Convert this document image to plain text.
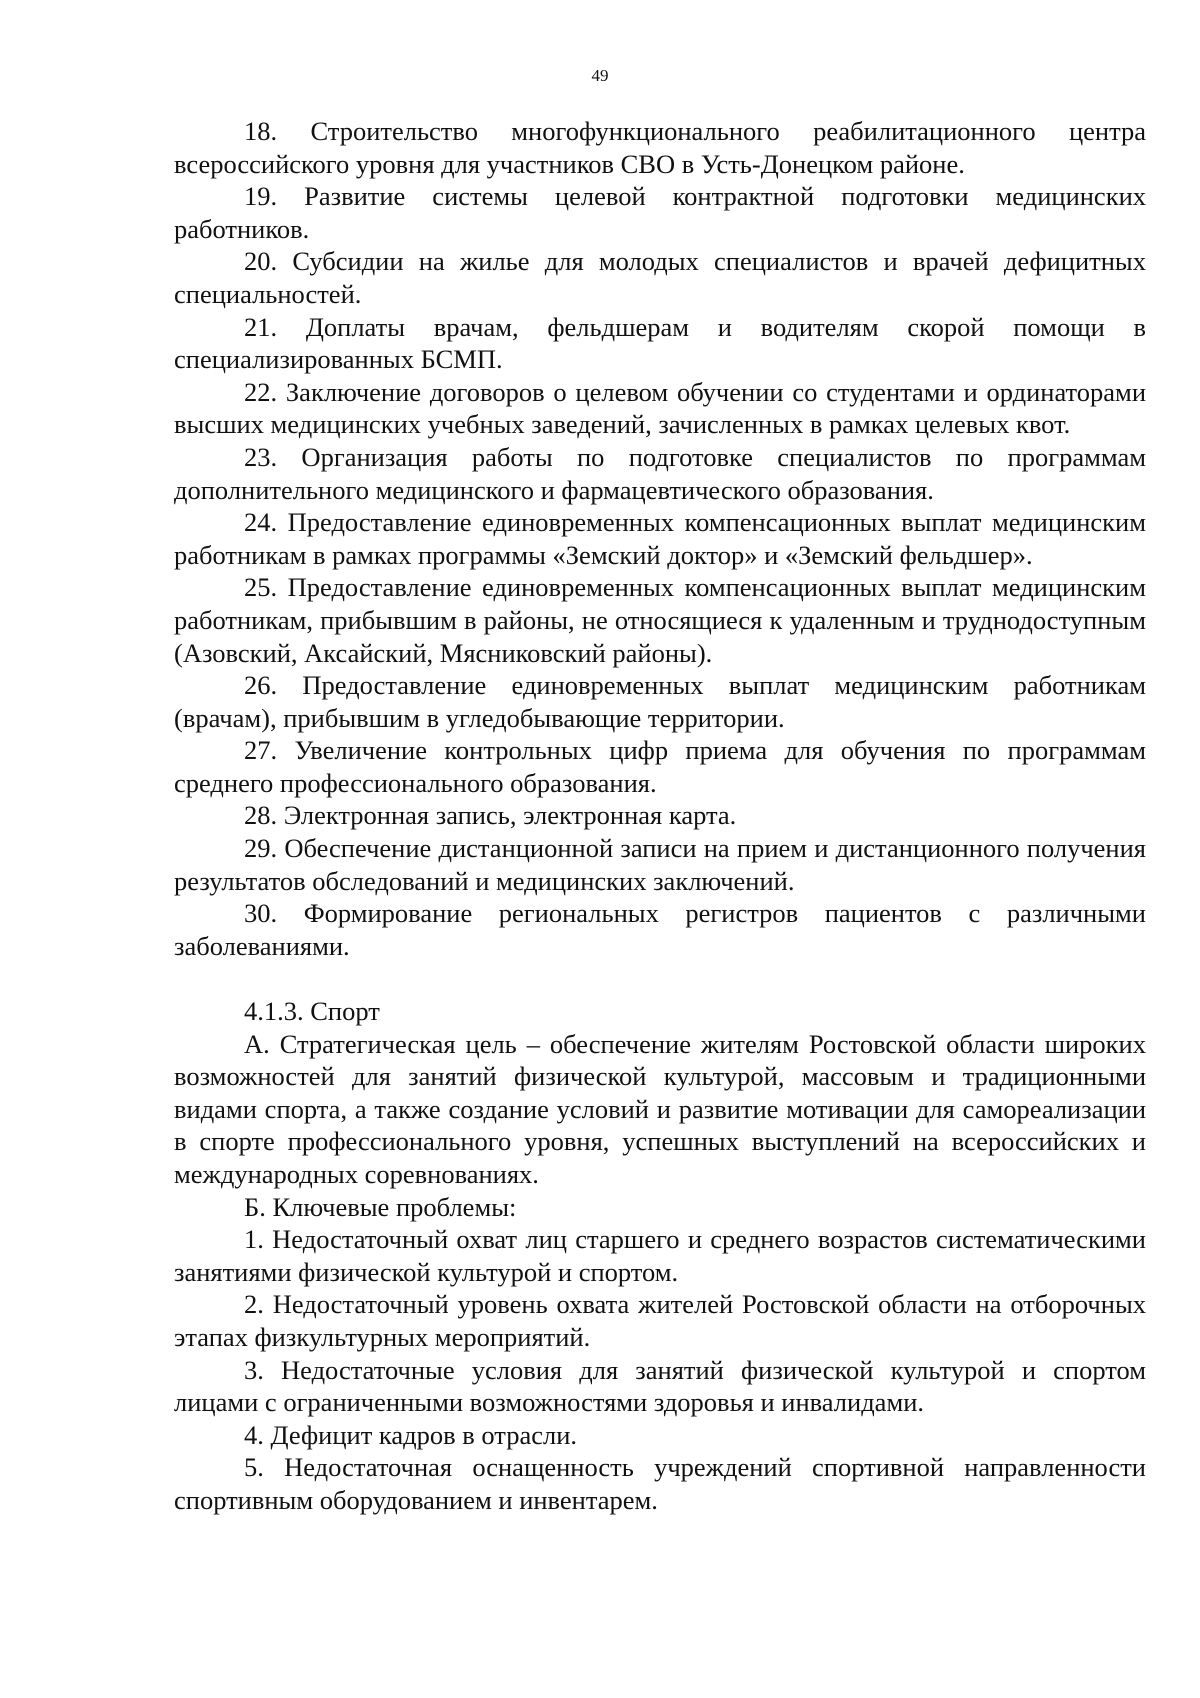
49

18. Строительство многофункционального реабилитационного центра всероссийского уровня для участников СВО в Усть-Донецком районе.

19. Развитие системы целевой контрактной подготовки медицинских работников.

20. Субсидии на жилье для молодых специалистов и врачей дефицитных специальностей.

21. Доплаты врачам, фельдшерам и водителям скорой помощи в специализированных БСМП.

22. Заключение договоров о целевом обучении со студентами и ординаторами высших медицинских учебных заведений, зачисленных в рамках целевых квот.

23. Организация работы по подготовке специалистов по программам дополнительного медицинского и фармацевтического образования.

24. Предоставление единовременных компенсационных выплат медицинским работникам в рамках программы «Земский доктор» и «Земский фельдшер».

25. Предоставление единовременных компенсационных выплат медицинским работникам, прибывшим в районы, не относящиеся к удаленным и труднодоступным (Азовский, Аксайский, Мясниковский районы).

26. Предоставление единовременных выплат медицинским работникам (врачам), прибывшим в угледобывающие территории.

27. Увеличение контрольных цифр приема для обучения по программам среднего профессионального образования.

28. Электронная запись, электронная карта.

29. Обеспечение дистанционной записи на прием и дистанционного получения результатов обследований и медицинских заключений.

30. Формирование региональных регистров пациентов с различными заболеваниями.

4.1.3. Спорт

А. Стратегическая цель – обеспечение жителям Ростовской области широких возможностей для занятий физической культурой, массовым и традиционными видами спорта, а также создание условий и развитие мотивации для самореализации в спорте профессионального уровня, успешных выступлений на всероссийских и международных соревнованиях.

Б. Ключевые проблемы:

1. Недостаточный охват лиц старшего и среднего возрастов систематическими занятиями физической культурой и спортом.

2. Недостаточный уровень охвата жителей Ростовской области на отборочных этапах физкультурных мероприятий.

3. Недостаточные условия для занятий физической культурой и спортом лицами с ограниченными возможностями здоровья и инвалидами.

4. Дефицит кадров в отрасли.

5. Недостаточная оснащенность учреждений спортивной направленности спортивным оборудованием и инвентарем.
